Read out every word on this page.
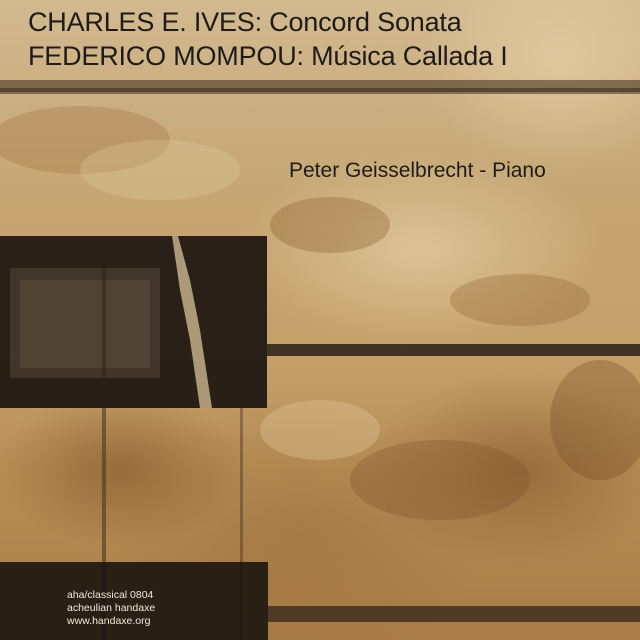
CHARLES E. IVES: Concord Sonata
FEDERICO MOMPOU: Música Callada I
Peter Geisselbrecht - Piano
aha/classical 0804
acheulian handaxe
www.handaxe.org
